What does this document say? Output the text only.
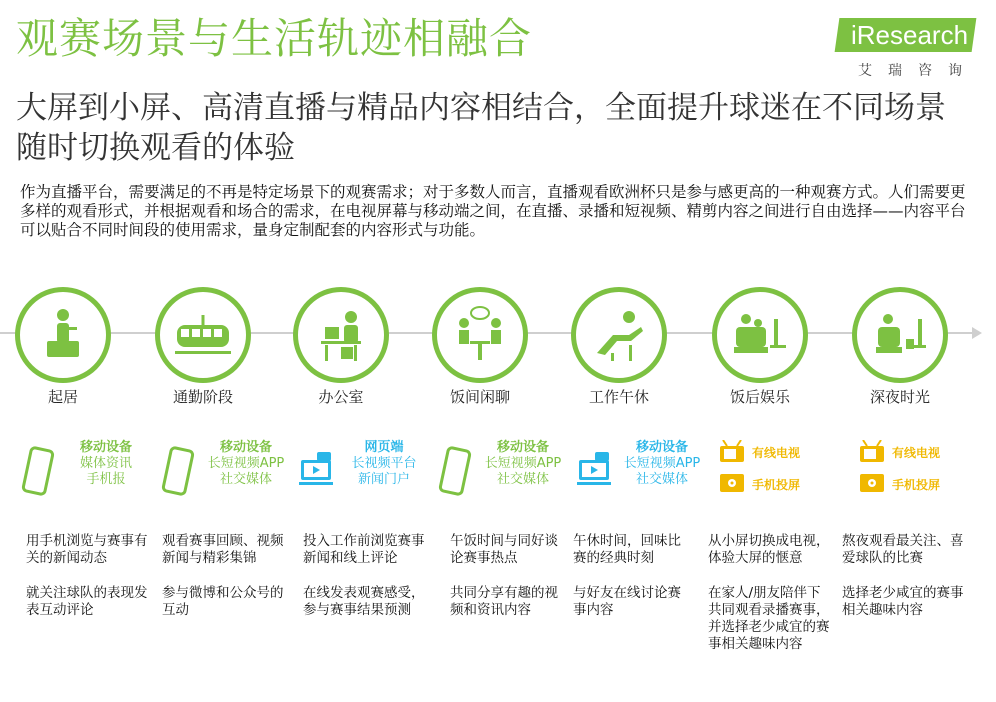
观赛场景与生活轨迹相融合
大屏到小屏、高清直播与精品内容相结合，全面提升球迷在不同场景随时切换观看的体验
作为直播平台，需要满足的不再是特定场景下的观赛需求；对于多数人而言，直播观看欧洲杯只是参与感更高的一种观赛方式。人们需要更多样的观看形式，并根据观看和场合的需求，在电视屏幕与移动端之间，在直播、录播和短视频、精剪内容之间进行自由选择——内容平台可以贴合不同时间段的使用需求，量身定制配套的内容形式与功能。
iResearch
艾瑞咨询
起居
移动设备
媒体资讯
手机报

用手机浏览与赛事有关的新闻动态

就关注球队的表现发表互动评论

通勤阶段
移动设备
长短视频APP
社交媒体

观看赛事回顾、视频新闻与精彩集锦

参与微博和公众号的互动

办公室
网页端
长视频平台
新闻门户

投入工作前浏览赛事新闻和线上评论

在线发表观赛感受，参与赛事结果预测

饭间闲聊
移动设备
长短视频APP
社交媒体

午饭时间与同好谈论赛事热点

共同分享有趣的视频和资讯内容

工作午休
移动设备
长短视频APP
社交媒体

午休时间，回味比赛的经典时刻

与好友在线讨论赛事内容

饭后娱乐
有线电视
手机投屏

从小屏切换成电视，体验大屏的惬意

在家人/朋友陪伴下共同观看录播赛事，并选择老少咸宜的赛事相关趣味内容

深夜时光
有线电视
手机投屏

熬夜观看最关注、喜爱球队的比赛

选择老少咸宜的赛事相关趣味内容
